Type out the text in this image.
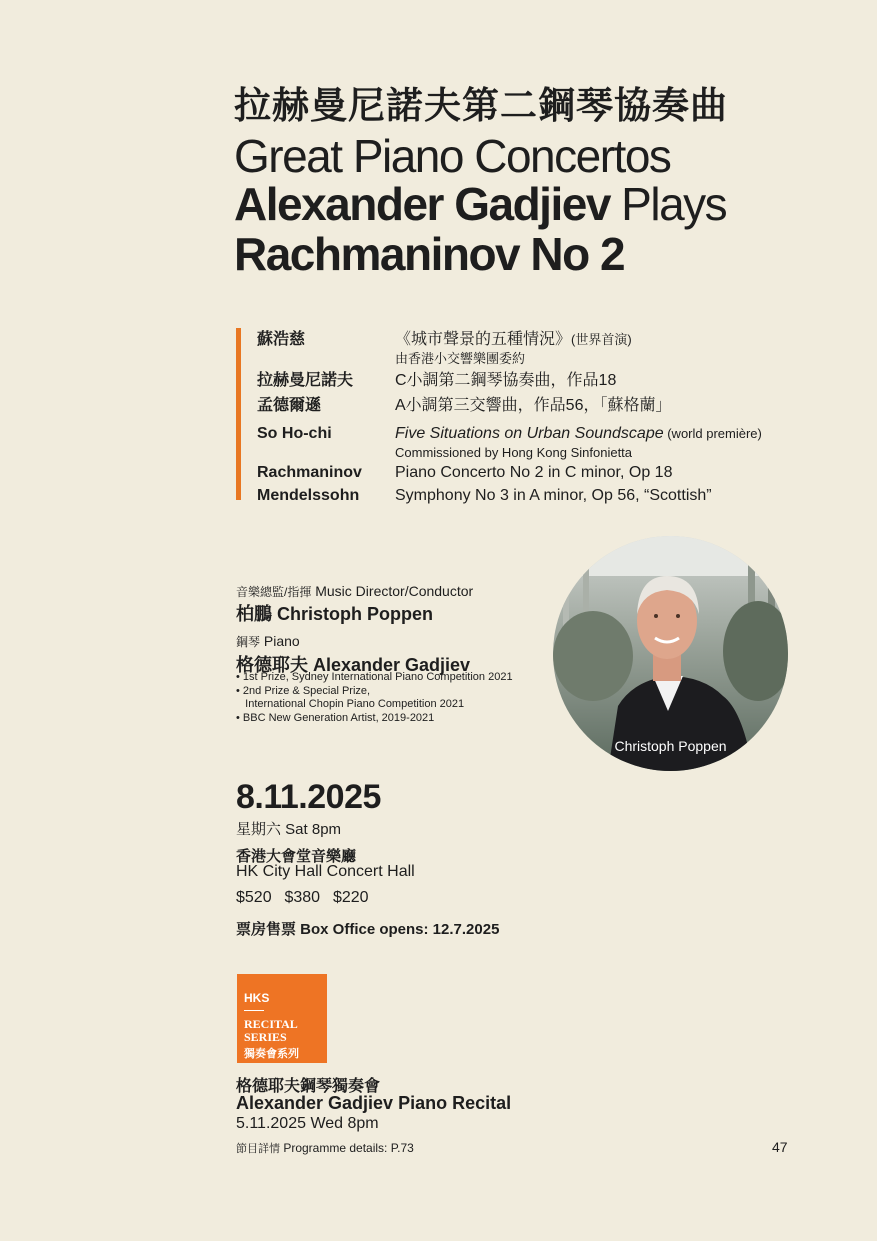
拉赫曼尼諾夫第二鋼琴協奏曲
Great Piano Concertos
Alexander Gadjiev Plays
Rachmaninov No 2
蘇浩慈	《城市聲景的五種情況》(世界首演)
由香港小交響樂團委約
拉赫曼尼諾夫	C小調第二鋼琴協奏曲，作品18
孟德爾遜	A小調第三交響曲，作品56，「蘇格蘭」
So Ho-chi	Five Situations on Urban Soundscape (world première)
Commissioned by Hong Kong Sinfonietta
Rachmaninov Piano Concerto No 2 in C minor, Op 18
Mendelssohn Symphony No 3 in A minor, Op 56, “Scottish”
音樂總監/指揮 Music Director/Conductor
柏鵬 Christoph Poppen
鋼琴 Piano
格德耶夫 Alexander Gadjiev
• 1st Prize, Sydney International Piano Competition 2021
• 2nd Prize & Special Prize,
International Chopin Piano Competition 2021
• BBC New Generation Artist, 2019-2021
Christoph Poppen
8.11.2025
星期六 Sat 8pm
香港大會堂音樂廳
HK City Hall Concert Hall
$520  $380  $220
票房售票 Box Office opens: 12.7.2025
HKS
RECITAL
SERIES
獨奏會系列
格德耶夫鋼琴獨奏會
Alexander Gadjiev Piano Recital
5.11.2025 Wed 8pm
節目詳情 Programme details: P.73	47
